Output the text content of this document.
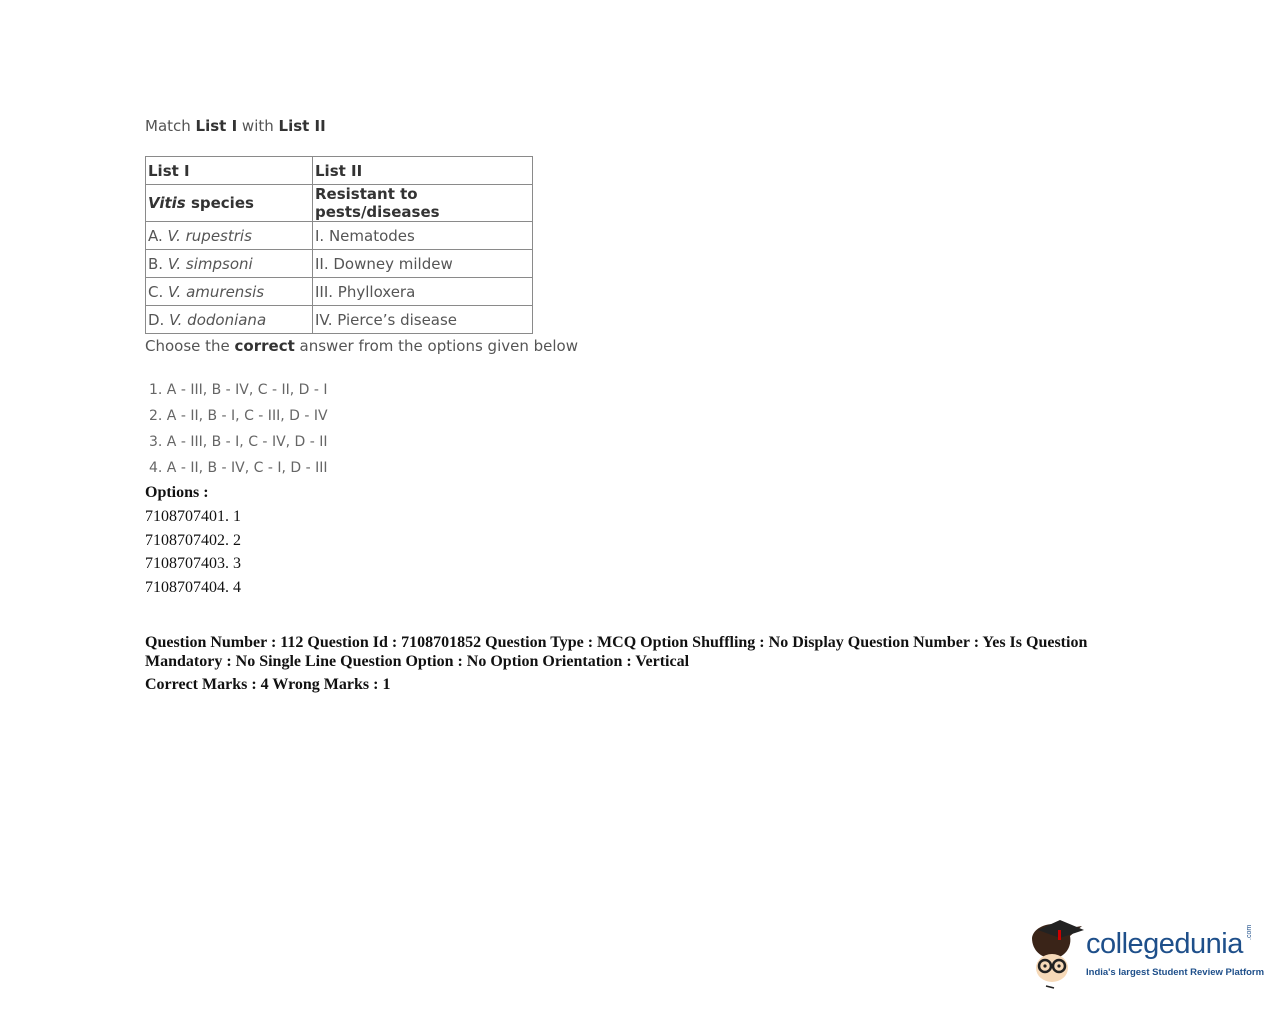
Match List I with List II
List I	List II
Vitis species	Resistant to pests/diseases
A. V. rupestris	I. Nematodes
B. V. simpsoni	II. Downey mildew
C. V. amurensis	III. Phylloxera
D. V. dodoniana	IV. Pierce’s disease
Choose the correct answer from the options given below
1. A - III, B - IV, C - II, D - I
2. A - II, B - I, C - III, D - IV
3. A - III, B - I, C - IV, D - II
4. A - II, B - IV, C - I, D - III
Options :
7108707401. 1
7108707402. 2
7108707403. 3
7108707404. 4
Question Number : 112 Question Id : 7108701852 Question Type : MCQ Option Shuffling : No Display Question Number : Yes Is Question Mandatory : No Single Line Question Option : No Option Orientation : Vertical
Correct Marks : 4 Wrong Marks : 1
collegedunia .com
India's largest Student Review Platform
